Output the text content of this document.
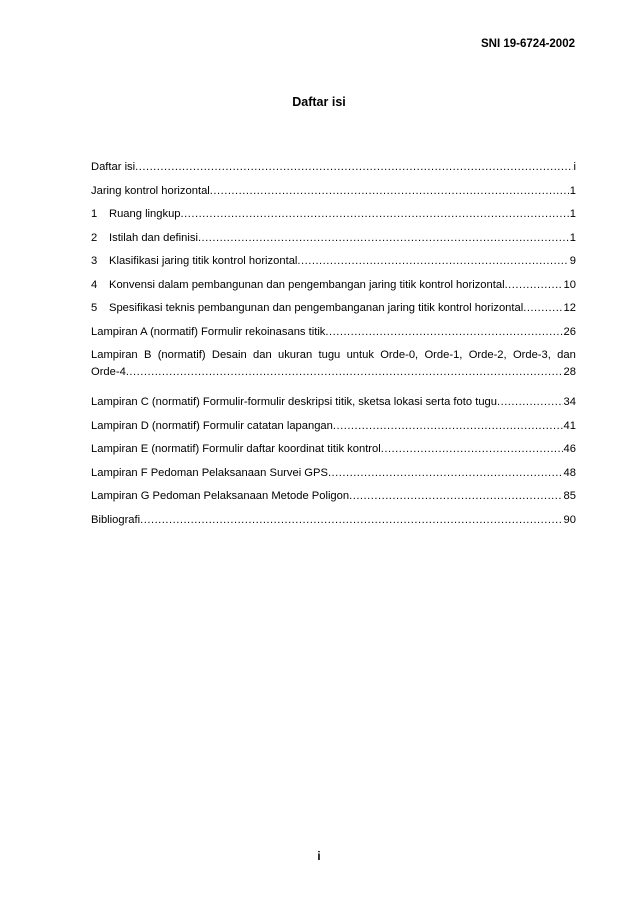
SNI 19-6724-2002
Daftar isi
Daftar isi .....	i
Jaring kontrol horizontal .....	1
1	Ruang lingkup .....	1
2	Istilah dan definisi .....	1
3	Klasifikasi jaring titik kontrol horizontal .....	9
4	Konvensi dalam pembangunan dan pengembangan jaring titik kontrol horizontal .....	10
5	Spesifikasi teknis pembangunan dan pengembanganan jaring titik kontrol horizontal .....	12
Lampiran A (normatif) Formulir rekoinasans titik .....	26
Lampiran B (normatif) Desain dan ukuran tugu untuk Orde-0, Orde-1, Orde-2, Orde-3, dan
Orde-4 .....	28
Lampiran C (normatif) Formulir-formulir deskripsi titik, sketsa lokasi serta foto tugu .....	34
Lampiran D (normatif) Formulir catatan lapangan .....	41
Lampiran E (normatif) Formulir daftar koordinat titik kontrol .....	46
Lampiran F Pedoman Pelaksanaan Survei GPS .....	48
Lampiran G Pedoman Pelaksanaan Metode Poligon .....	85
Bibliografi .....	90
i
